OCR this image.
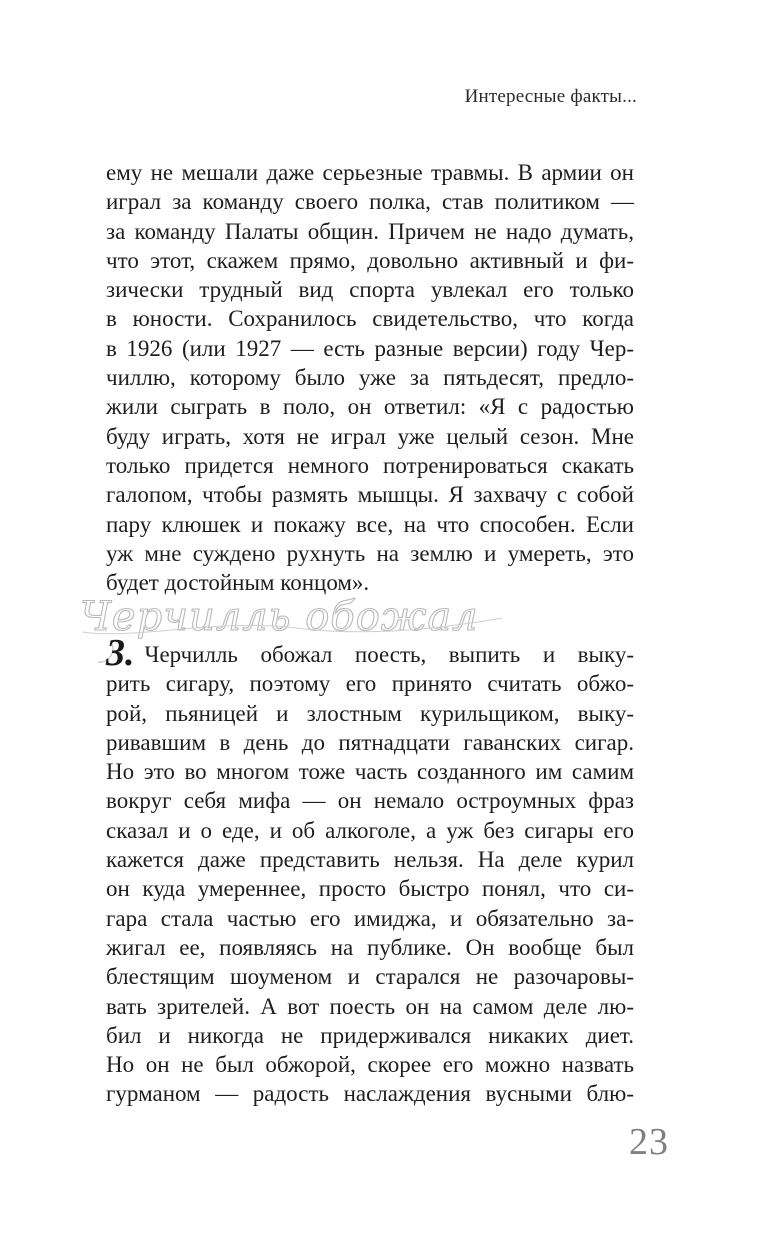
Интересные факты...
ему не мешали даже серьезные травмы. В армии он
играл за команду своего полка, став политиком —
за команду Палаты общин. Причем не надо думать,
что этот, скажем прямо, довольно активный и фи-
зически трудный вид спорта увлекал его только
в юности. Сохранилось свидетельство, что когда
в 1926 (или 1927 — есть разные версии) году Чер-
чиллю, которому было уже за пятьдесят, предло-
жили сыграть в поло, он ответил: «Я с радостью
буду играть, хотя не играл уже целый сезон. Мне
только придется немного потренироваться скакать
галопом, чтобы размять мышцы. Я захвачу с собой
пару клюшек и покажу все, на что способен. Если
уж мне суждено рухнуть на землю и умереть, это
будет достойным концом».
Черчилль обожал
3. Черчилль обожал поесть, выпить и выку-
рить сигару, поэтому его принято считать обжо-
рой, пьяницей и злостным курильщиком, выку-
ривавшим в день до пятнадцати гаванских сигар.
Но это во многом тоже часть созданного им самим
вокруг себя мифа — он немало остроумных фраз
сказал и о еде, и об алкоголе, а уж без сигары его
кажется даже представить нельзя. На деле курил
он куда умереннее, просто быстро понял, что си-
гара стала частью его имиджа, и обязательно за-
жигал ее, появляясь на публике. Он вообще был
блестящим шоуменом и старался не разочаровы-
вать зрителей. А вот поесть он на самом деле лю-
бил и никогда не придерживался никаких диет.
Но он не был обжорой, скорее его можно назвать
гурманом — радость наслаждения вусными блю-
23
